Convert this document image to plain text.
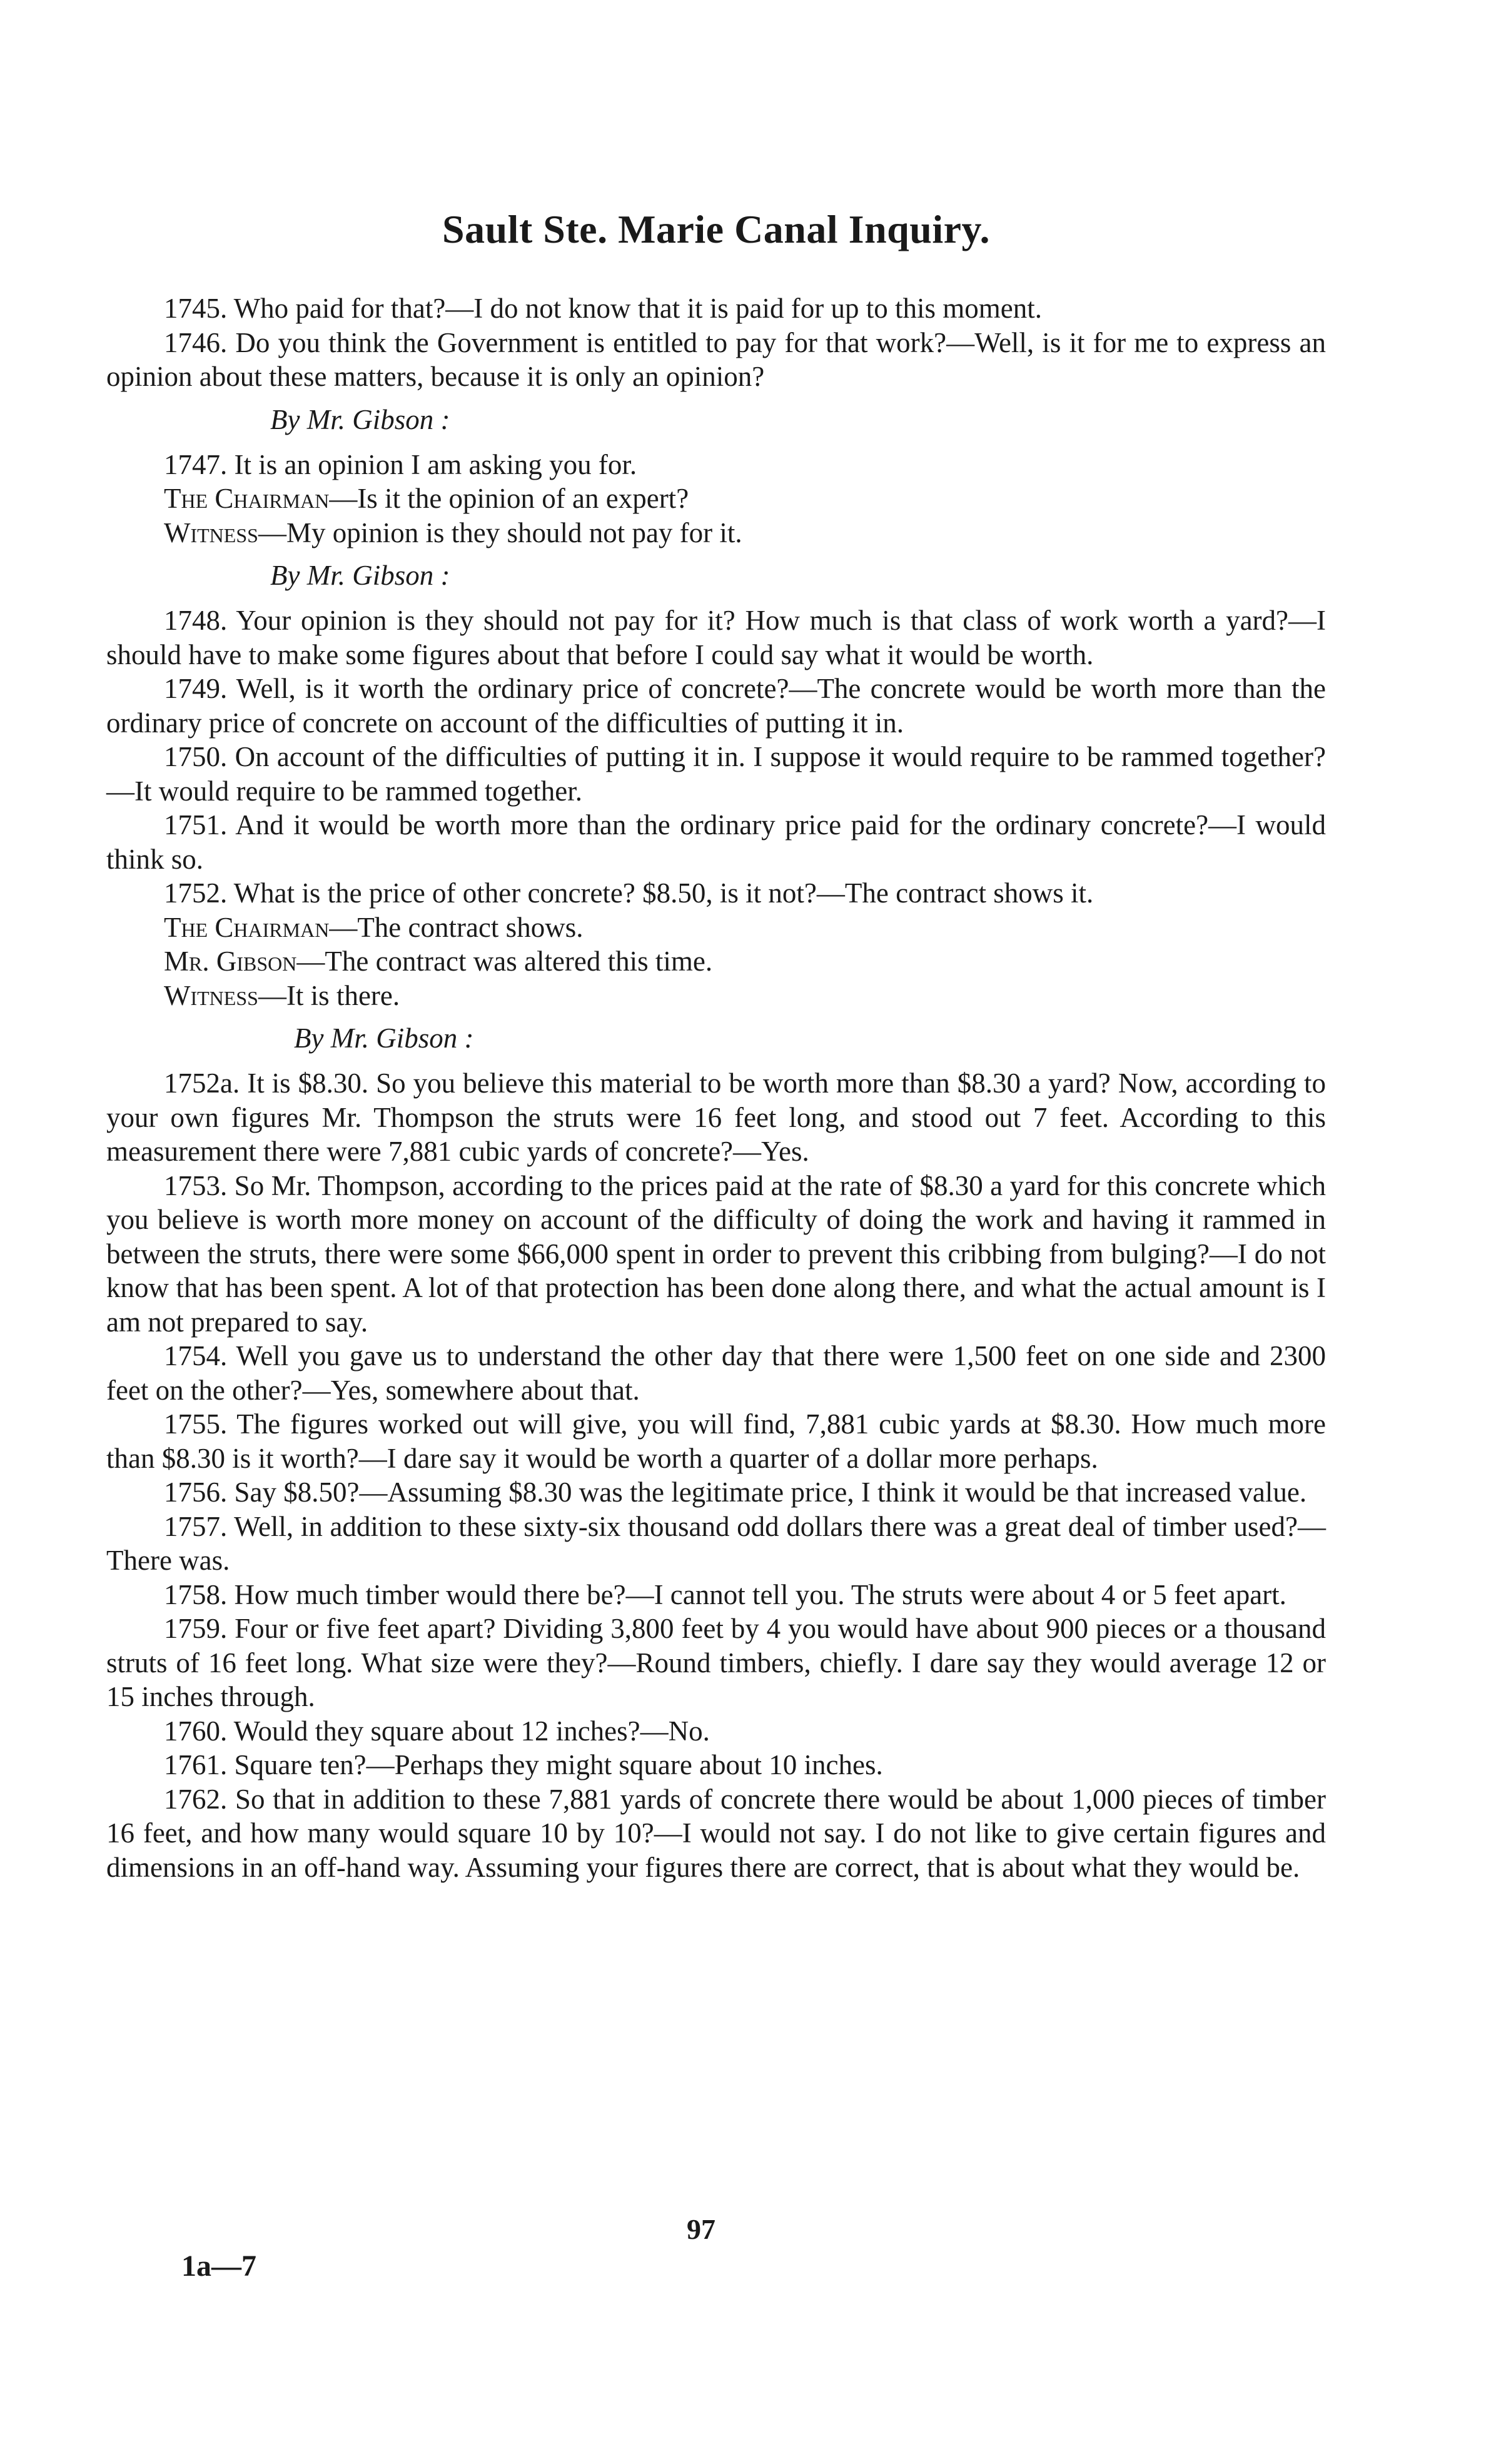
Sault Ste. Marie Canal Inquiry.

1745. Who paid for that?—I do not know that it is paid for up to this moment.

1746. Do you think the Government is entitled to pay for that work?—Well, is it for me to express an opinion about these matters, because it is only an opinion?

By Mr. Gibson :

1747. It is an opinion I am asking you for.

The Chairman—Is it the opinion of an expert?

Witness—My opinion is they should not pay for it.

By Mr. Gibson :

1748. Your opinion is they should not pay for it? How much is that class of work worth a yard?—I should have to make some figures about that before I could say what it would be worth.

1749. Well, is it worth the ordinary price of concrete?—The concrete would be worth more than the ordinary price of concrete on account of the difficulties of putting it in.

1750. On account of the difficulties of putting it in. I suppose it would require to be rammed together?—It would require to be rammed together.

1751. And it would be worth more than the ordinary price paid for the ordinary concrete?—I would think so.

1752. What is the price of other concrete? $8.50, is it not?—The contract shows it.

The Chairman—The contract shows.

Mr. Gibson—The contract was altered this time.

Witness—It is there.

By Mr. Gibson :

1752a. It is $8.30. So you believe this material to be worth more than $8.30 a yard? Now, according to your own figures Mr. Thompson the struts were 16 feet long, and stood out 7 feet. According to this measurement there were 7,881 cubic yards of concrete?—Yes.

1753. So Mr. Thompson, according to the prices paid at the rate of $8.30 a yard for this concrete which you believe is worth more money on account of the difficulty of doing the work and having it rammed in between the struts, there were some $66,000 spent in order to prevent this cribbing from bulging?—I do not know that has been spent. A lot of that protection has been done along there, and what the actual amount is I am not prepared to say.

1754. Well you gave us to understand the other day that there were 1,500 feet on one side and 2300 feet on the other?—Yes, somewhere about that.

1755. The figures worked out will give, you will find, 7,881 cubic yards at $8.30. How much more than $8.30 is it worth?—I dare say it would be worth a quarter of a dollar more perhaps.

1756. Say $8.50?—Assuming $8.30 was the legitimate price, I think it would be that increased value.

1757. Well, in addition to these sixty-six thousand odd dollars there was a great deal of timber used?—There was.

1758. How much timber would there be?—I cannot tell you. The struts were about 4 or 5 feet apart.

1759. Four or five feet apart? Dividing 3,800 feet by 4 you would have about 900 pieces or a thousand struts of 16 feet long. What size were they?—Round timbers, chiefly. I dare say they would average 12 or 15 inches through.

1760. Would they square about 12 inches?—No.

1761. Square ten?—Perhaps they might square about 10 inches.

1762. So that in addition to these 7,881 yards of concrete there would be about 1,000 pieces of timber 16 feet, and how many would square 10 by 10?—I would not say. I do not like to give certain figures and dimensions in an off-hand way. Assuming your figures there are correct, that is about what they would be.

97
1a—7
